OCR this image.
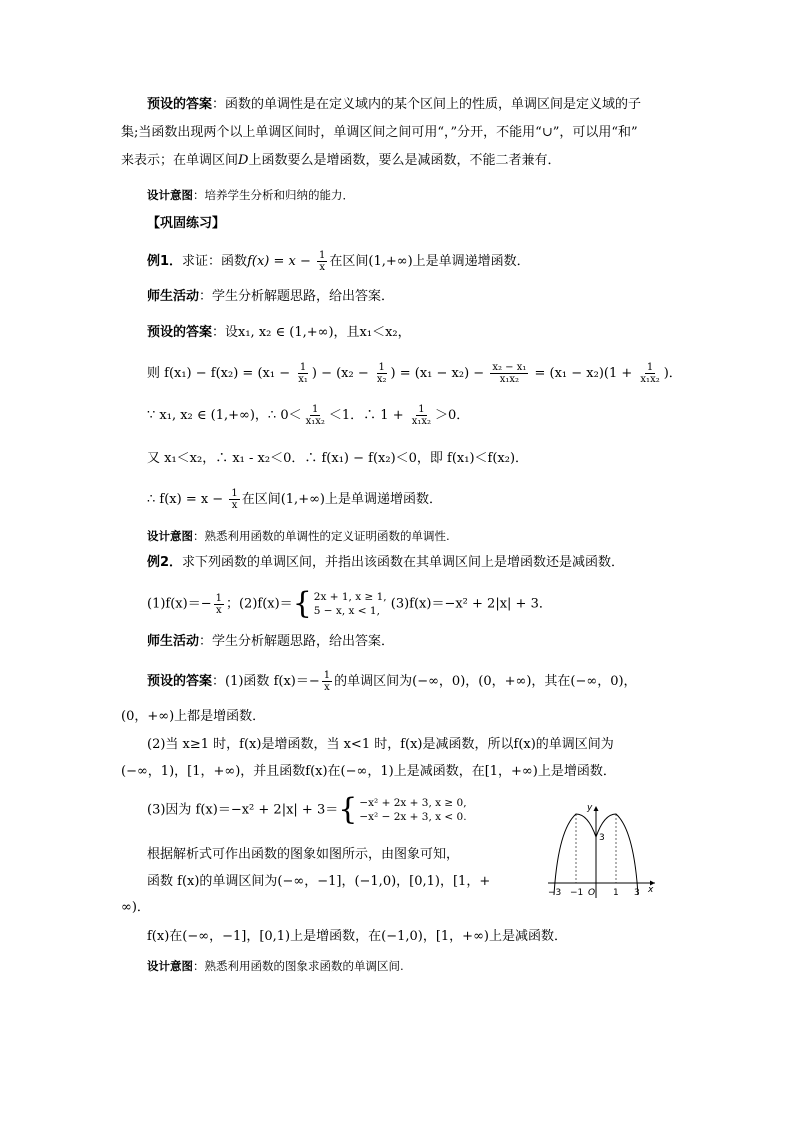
预设的答案：函数的单调性是在定义域内的某个区间上的性质，单调区间是定义域的子
集;当函数出现两个以上单调区间时，单调区间之间可用“，”分开，不能用“∪”，可以用“和”
来表示；在单调区间D上函数要么是增函数，要么是减函数，不能二者兼有．
设计意图：培养学生分析和归纳的能力．
【巩固练习】
例1．求证：函数$f(x) = x - \frac{1}{x}$ 在区间(1,+∞)上是单调递增函数．
师生活动：学生分析解题思路，给出答案．
预设的答案：设x₁, x₂ ∈ (1,+∞)，且x₁＜x₂，
则 $f(x_1) - f(x_2) = (x_1 - \frac{1}{\text{x₁}}$ ) − ($x_2 - \frac{1}{\text{x₂}}$ ) = $(x_1 - x_2) - \frac{\text{x₂ − x₁}}{\text{x₁x₂}} = (x_1 - x_2)(1 + \frac{1}{\text{x₁x₂}}$ )．
∵ x₁, x₂ ∈ (1,+∞)，∴ $0< \frac{1}{\text{x₁x₂}} <1$．∴ $1 + \frac{1}{\text{x₁x₂}} >0$．
又 x₁＜x₂，∴ x₁ - x₂＜0．∴ f(x₁) − f(x₂)＜0，即 f(x₁)＜f(x₂)．
∴ $f(x) = x - \frac{1}{x}$ 在区间(1,+∞)上是单调递增函数．
设计意图：熟悉利用函数的单调性的定义证明函数的单调性.
例2．求下列函数的单调区间，并指出该函数在其单调区间上是增函数还是减函数．
$(1)f(x)=- \frac{1}{x}$ ；(2)f(x)＝ { 2x + 1, x ≥ 1,
5 − x, x < 1, (3)f(x)＝−x² + 2|x| + 3．
师生活动：学生分析解题思路，给出答案．
预设的答案：(1)函数 $f(x)=- \frac{1}{x}$ 的单调区间为(−∞，0)，(0，+∞)，其在(−∞，0)，
(0，+∞)上都是增函数．
(2)当 x≥1 时，f(x)是增函数，当 x<1 时，f(x)是减函数，所以f(x)的单调区间为
(−∞，1)，[1，+∞)，并且函数f(x)在(−∞，1)上是减函数，在[1，+∞)上是增函数．
(3)因为 f(x)＝−x² + 2|x| + 3＝ { −x² + 2x + 3, x ≥ 0,
−x² − 2x + 3, x < 0.
根据解析式可作出函数的图象如图所示，由图象可知，
函数 f(x)的单调区间为(−∞，−1]，(−1,0)，[0,1)，[1，+
∞)．
f(x)在(−∞，−1]，[0,1)上是增函数，在(−1,0)，[1，+∞)上是减函数．
设计意图：熟悉利用函数的图象求函数的单调区间.
x
y
3
−3 −1 O 1 3
